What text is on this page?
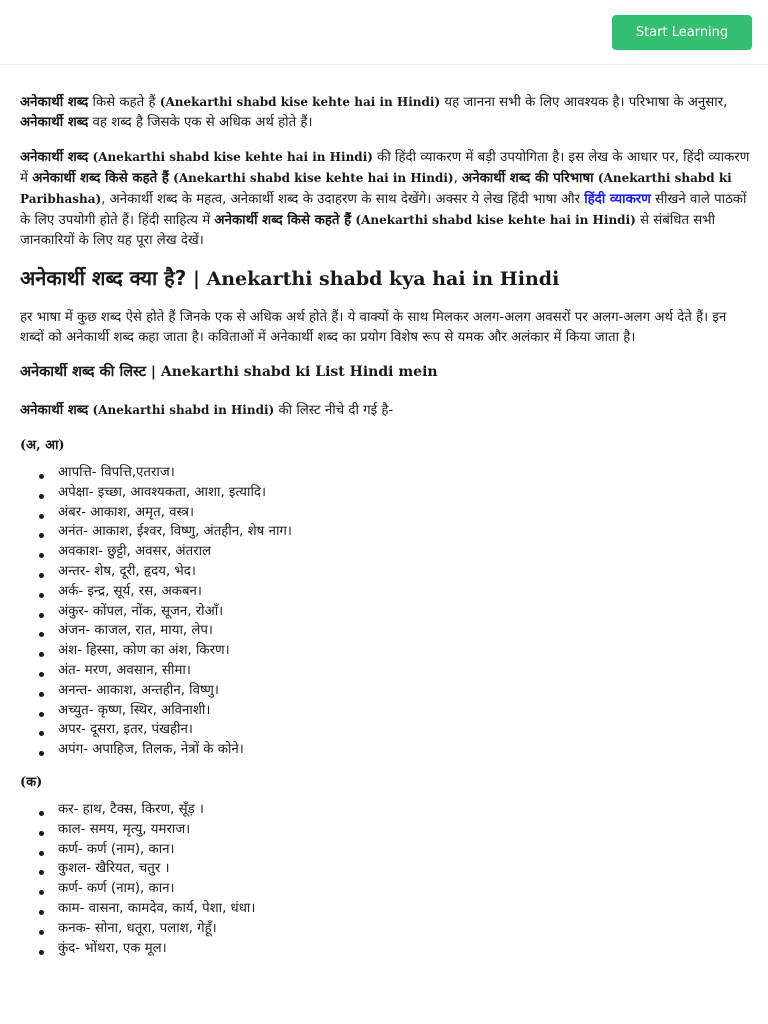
Start Learning

अनेकार्थी शब्द किसे कहते हैं (Anekarthi shabd kise kehte hai in Hindi) यह जानना सभी के लिए आवश्यक है। परिभाषा के अनुसार, अनेकार्थी शब्द वह शब्द है जिसके एक से अधिक अर्थ होते हैं।

अनेकार्थी शब्द (Anekarthi shabd kise kehte hai in Hindi) की हिंदी व्याकरण में बड़ी उपयोगिता है। इस लेख के आधार पर, हिंदी व्याकरण में अनेकार्थी शब्द किसे कहते हैं (Anekarthi shabd kise kehte hai in Hindi), अनेकार्थी शब्द की परिभाषा (Anekarthi shabd ki Paribhasha), अनेकार्थी शब्द के महत्व, अनेकार्थी शब्द के उदाहरण के साथ देखेंगे। अक्सर ये लेख हिंदी भाषा और हिंदी व्याकरण सीखने वाले पाठकों के लिए उपयोगी होते हैं। हिंदी साहित्य में अनेकार्थी शब्द किसे कहते हैं (Anekarthi shabd kise kehte hai in Hindi) से संबंधित सभी जानकारियों के लिए यह पूरा लेख देखें।

अनेकार्थी शब्द क्या है? | Anekarthi shabd kya hai in Hindi

हर भाषा में कुछ शब्द ऐसे होते हैं जिनके एक से अधिक अर्थ होते हैं। ये वाक्यों के साथ मिलकर अलग-अलग अवसरों पर अलग-अलग अर्थ देते हैं। इन शब्दों को अनेकार्थी शब्द कहा जाता है। कविताओं में अनेकार्थी शब्द का प्रयोग विशेष रूप से यमक और अलंकार में किया जाता है।

अनेकार्थी शब्द की लिस्ट | Anekarthi shabd ki List Hindi mein

अनेकार्थी शब्द (Anekarthi shabd in Hindi) की लिस्ट नीचे दी गई है-

(अ, आ)
आपत्ति- विपत्ति,एतराज।
अपेक्षा- इच्छा, आवश्यकता, आशा, इत्यादि।
अंबर- आकाश, अमृत, वस्त्र।
अनंत- आकाश, ईश्वर, विष्णु, अंतहीन, शेष नाग।
अवकाश- छुट्टी, अवसर, अंतराल
अन्तर- शेष, दूरी, हृदय, भेद।
अर्क- इन्द्र, सूर्य, रस, अकबन।
अंकुर- कोंपल, नोंक, सूजन, रोआँ।
अंजन- काजल, रात, माया, लेप।
अंश- हिस्सा, कोण का अंश, किरण।
अंत- मरण, अवसान, सीमा।
अनन्त- आकाश, अन्तहीन, विष्णु।
अच्युत- कृष्ण, स्थिर, अविनाशी।
अपर- दूसरा, इतर, पंखहीन।
अपंग- अपाहिज, तिलक, नेत्रों के कोने।
(क)
कर- हाथ, टैक्स, किरण, सूँड़ ।
काल- समय, मृत्यु, यमराज।
कर्ण- कर्ण (नाम), कान।
कुशल- खैरियत, चतुर ।
कर्ण- कर्ण (नाम), कान।
काम- वासना, कामदेव, कार्य, पेशा, धंधा।
कनक- सोना, धतूरा, पलाश, गेहूँ।
कुंद- भोंथरा, एक मूल।
